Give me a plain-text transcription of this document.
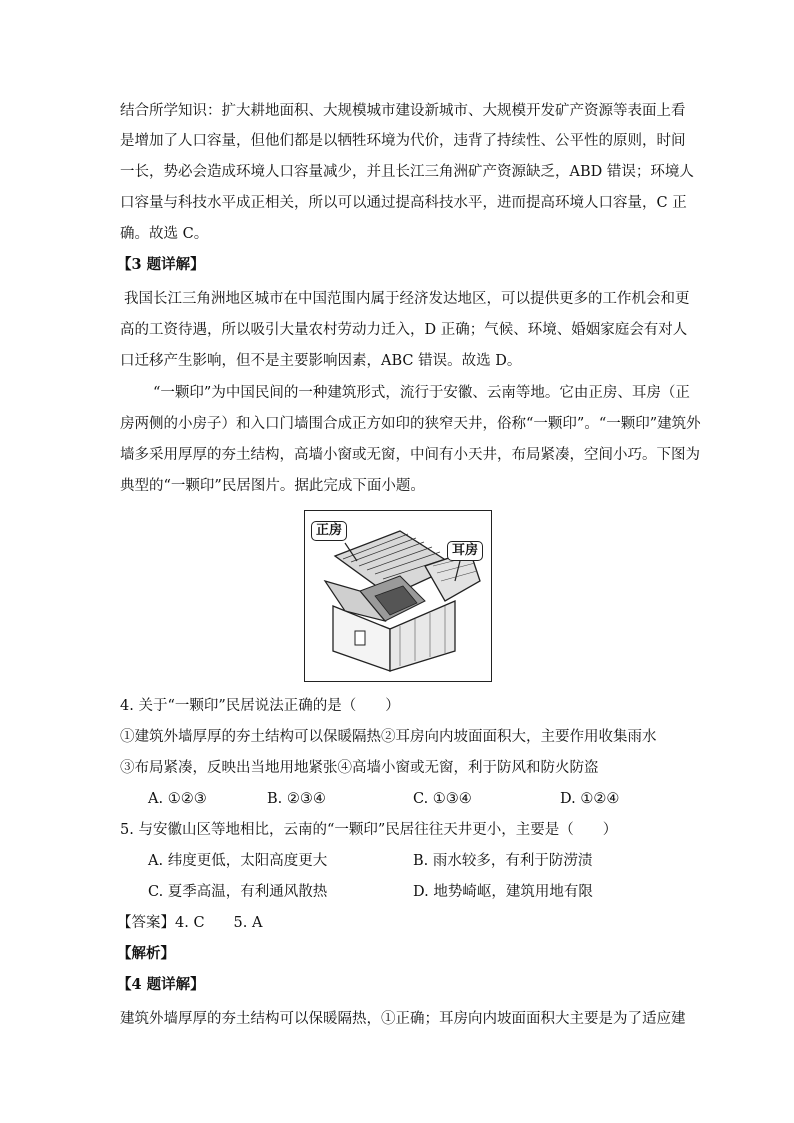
结合所学知识：扩大耕地面积、大规模城市建设新城市、大规模开发矿产资源等表面上看
是增加了人口容量，但他们都是以牺牲环境为代价，违背了持续性、公平性的原则，时间
一长，势必会造成环境人口容量减少，并且长江三角洲矿产资源缺乏，ABD 错误；环境人
口容量与科技水平成正相关，所以可以通过提高科技水平，进而提高环境人口容量，C 正
确。故选 C。
【3 题详解】
我国长江三角洲地区城市在中国范围内属于经济发达地区，可以提供更多的工作机会和更
高的工资待遇，所以吸引大量农村劳动力迁入，D 正确；气候、环境、婚姻家庭会有对人
口迁移产生影响，但不是主要影响因素，ABC 错误。故选 D。
“一颗印”为中国民间的一种建筑形式，流行于安徽、云南等地。它由正房、耳房（正
房两侧的小房子）和入口门墙围合成正方如印的狭窄天井，俗称“一颗印”。“一颗印”建筑外
墙多采用厚厚的夯土结构，高墙小窗或无窗，中间有小天井，布局紧凑，空间小巧。下图为
典型的“一颗印”民居图片。据此完成下面小题。
正房
耳房
4. 关于“一颗印”民居说法正确的是（　　）
①建筑外墙厚厚的夯土结构可以保暖隔热②耳房向内坡面面积大，主要作用收集雨水
③布局紧凑，反映出当地用地紧张④高墙小窗或无窗，利于防风和防火防盗
A. ①②③	B. ②③④	C. ①③④	D. ①②④
5. 与安徽山区等地相比，云南的“一颗印”民居往往天井更小，主要是（　　）
A. 纬度更低，太阳高度更大	B. 雨水较多，有利于防涝渍
C. 夏季高温，有利通风散热	D. 地势崎岖，建筑用地有限
【答案】4. C　　5. A
【解析】
【4 题详解】
建筑外墙厚厚的夯土结构可以保暖隔热，①正确；耳房向内坡面面积大主要是为了适应建
